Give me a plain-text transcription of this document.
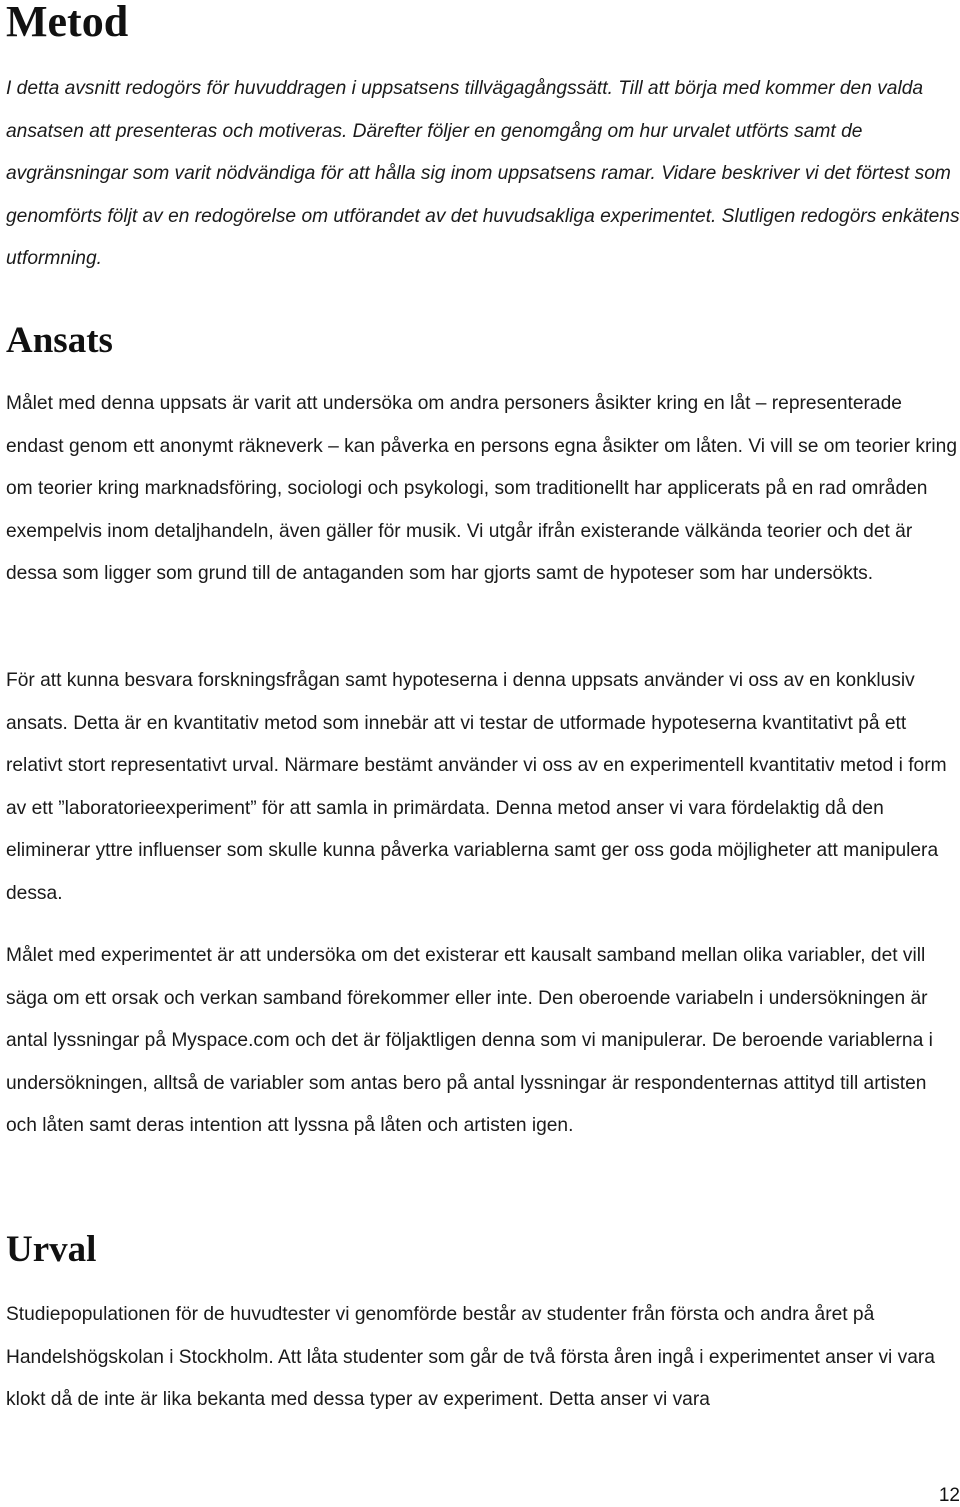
Metod

I detta avsnitt redogörs för huvuddragen i uppsatsens tillvägagångssätt. Till att börja med kommer den valda ansatsen att presenteras och motiveras. Därefter följer en genomgång om hur urvalet utförts samt de avgränsningar som varit nödvändiga för att hålla sig inom uppsatsens ramar. Vidare beskriver vi det förtest som genomförts följt av en redogörelse om utförandet av det huvudsakliga experimentet. Slutligen redogörs enkätens utformning.

Ansats

Målet med denna uppsats är varit att undersöka om andra personers åsikter kring en låt – representerade endast genom ett anonymt räkneverk – kan påverka en persons egna åsikter om låten. Vi vill se om teorier kring om teorier kring marknadsföring, sociologi och psykologi, som traditionellt har applicerats på en rad områden exempelvis inom detaljhandeln, även gäller för musik. Vi utgår ifrån existerande välkända teorier och det är dessa som ligger som grund till de antaganden som har gjorts samt de hypoteser som har undersökts.

För att kunna besvara forskningsfrågan samt hypoteserna i denna uppsats använder vi oss av en konklusiv ansats. Detta är en kvantitativ metod som innebär att vi testar de utformade hypoteserna kvantitativt på ett relativt stort representativt urval. Närmare bestämt använder vi oss av en experimentell kvantitativ metod i form av ett ”laboratorieexperiment” för att samla in primärdata. Denna metod anser vi vara fördelaktig då den eliminerar yttre influenser som skulle kunna påverka variablerna samt ger oss goda möjligheter att manipulera dessa.

Målet med experimentet är att undersöka om det existerar ett kausalt samband mellan olika variabler, det vill säga om ett orsak och verkan samband förekommer eller inte. Den oberoende variabeln i undersökningen är antal lyssningar på Myspace.com och det är följaktligen denna som vi manipulerar. De beroende variablerna i undersökningen, alltså de variabler som antas bero på antal lyssningar är respondenternas attityd till artisten och låten samt deras intention att lyssna på låten och artisten igen.

Urval

Studiepopulationen för de huvudtester vi genomförde består av studenter från första och andra året på Handelshögskolan i Stockholm. Att låta studenter som går de två första åren ingå i experimentet anser vi vara klokt då de inte är lika bekanta med dessa typer av experiment. Detta anser vi vara

12
